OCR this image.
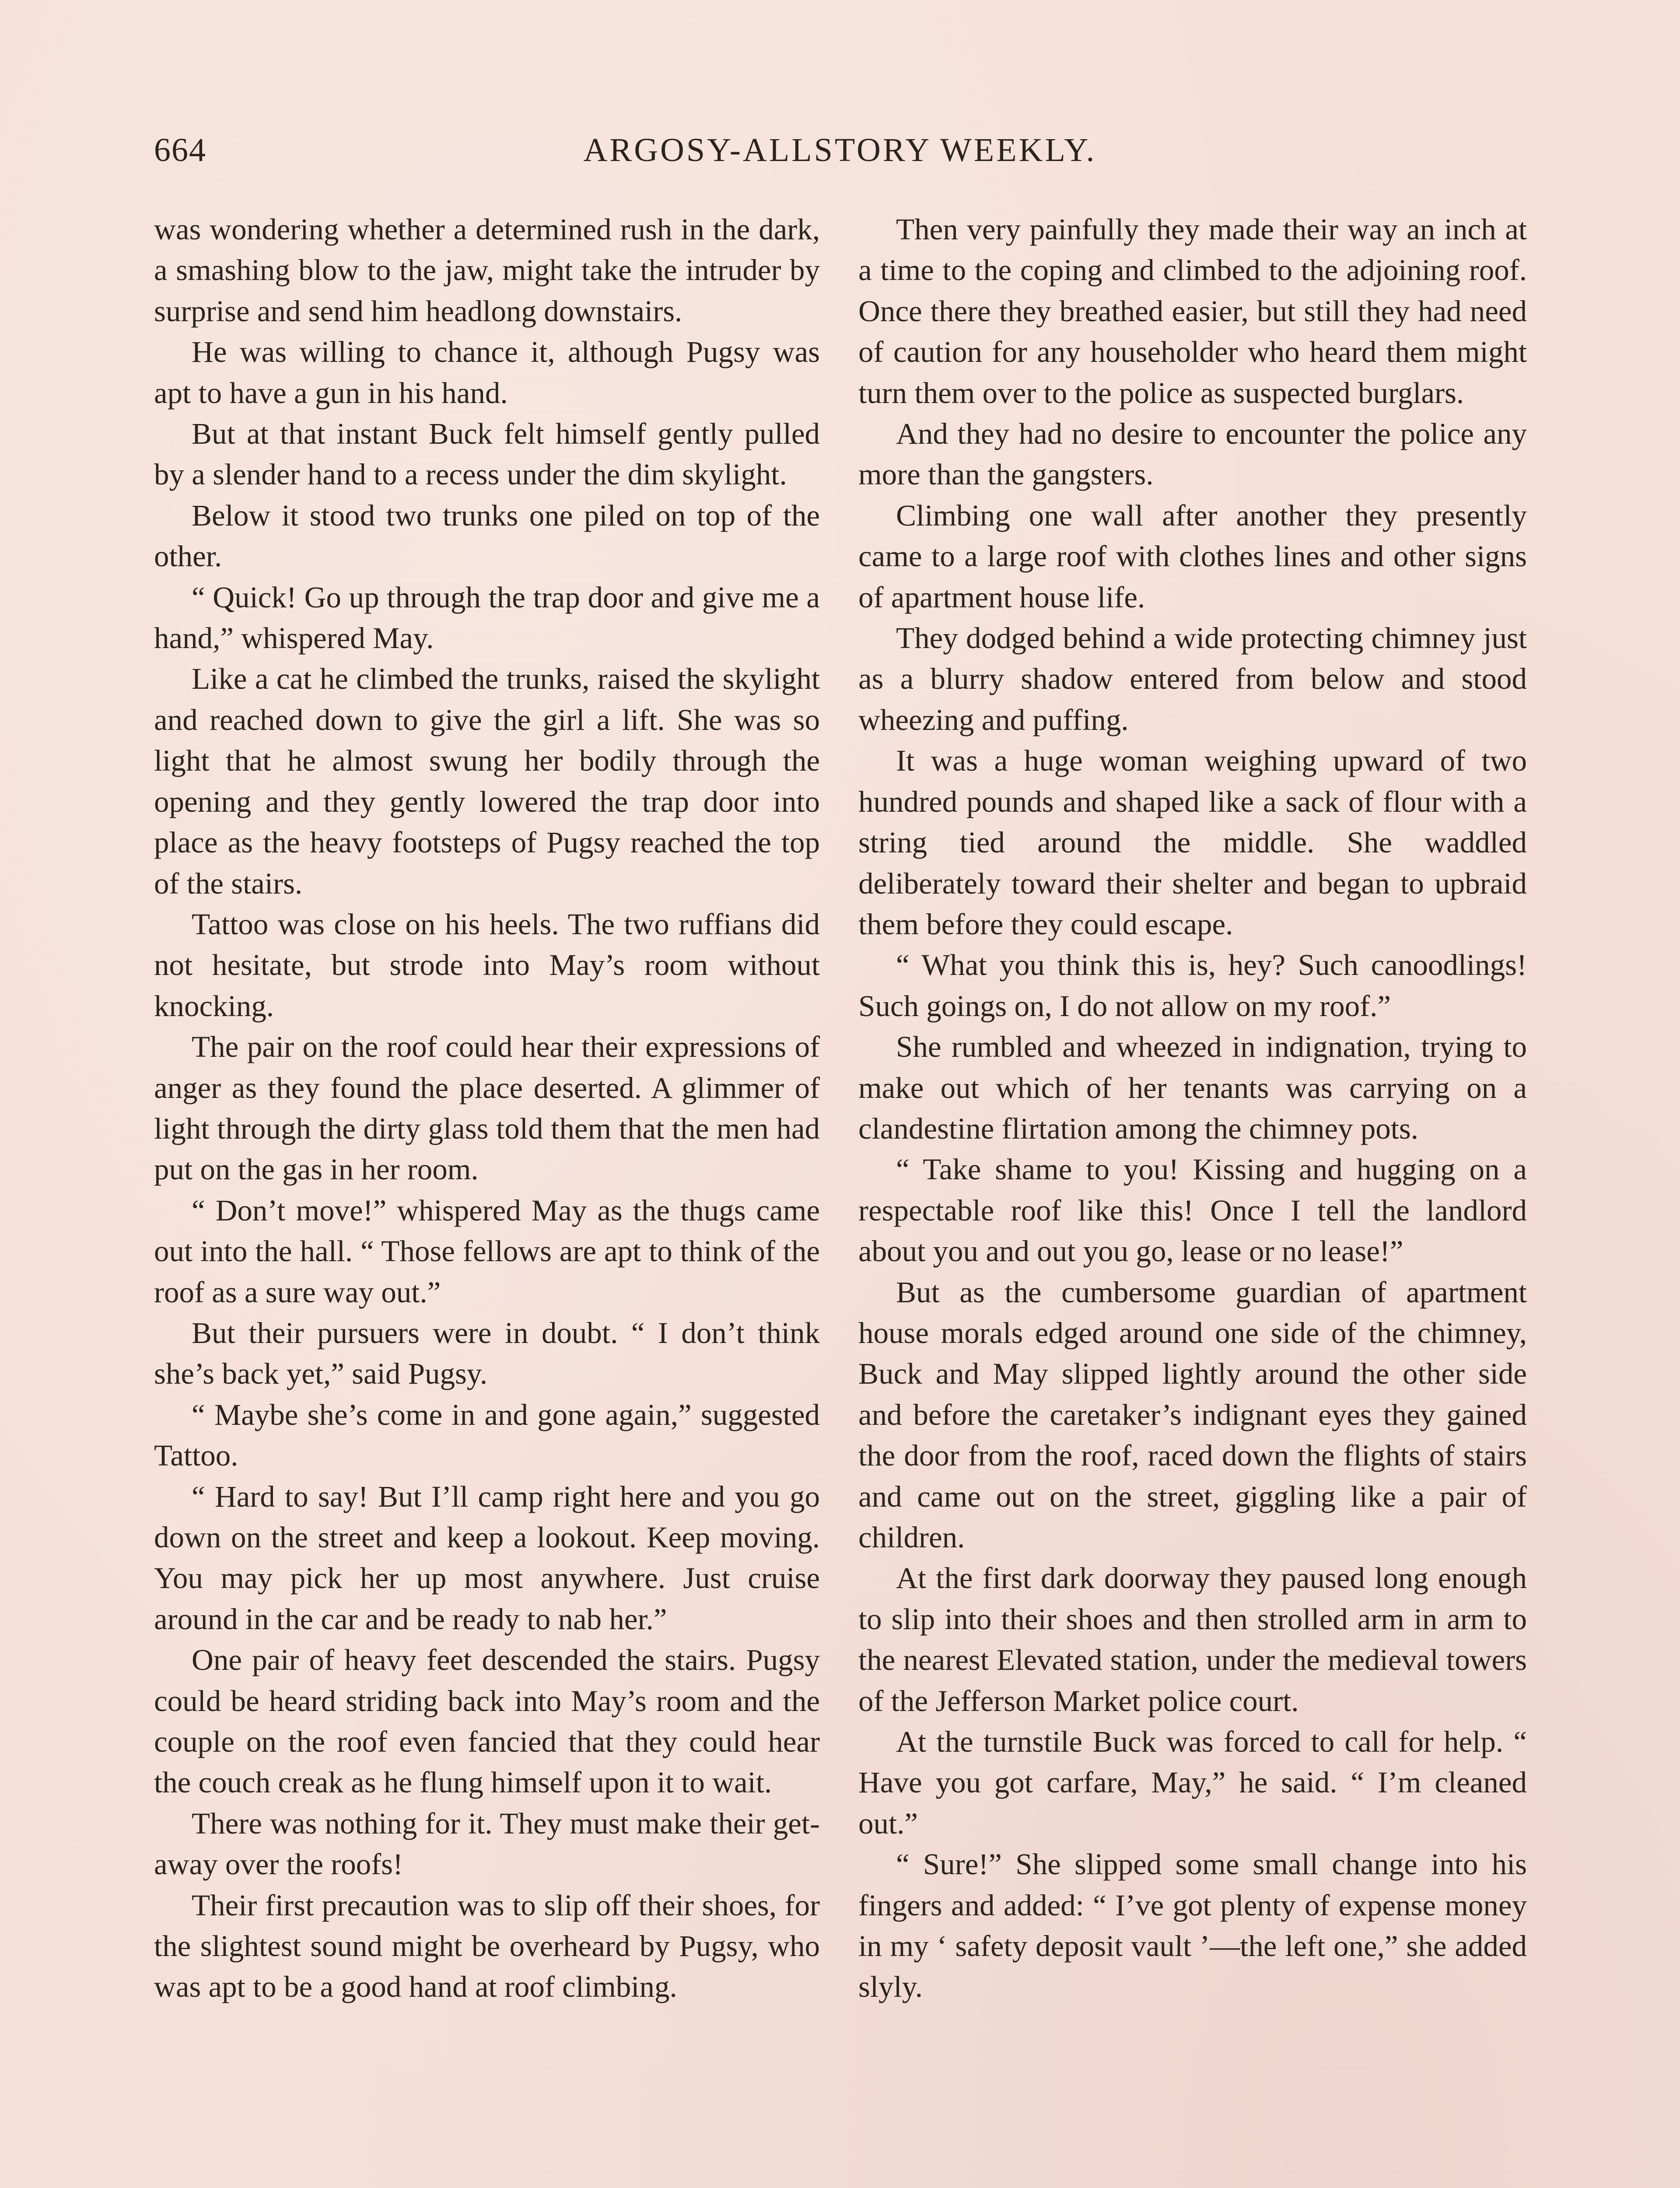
664	ARGOSY-ALLSTORY WEEKLY.

was wondering whether a determined rush in the dark, a smashing blow to the jaw, might take the intruder by surprise and send him headlong downstairs.

He was willing to chance it, although Pugsy was apt to have a gun in his hand.

But at that instant Buck felt himself gently pulled by a slender hand to a recess under the dim skylight.

Below it stood two trunks one piled on top of the other.

“ Quick! Go up through the trap door and give me a hand,” whispered May.

Like a cat he climbed the trunks, raised the skylight and reached down to give the girl a lift. She was so light that he almost swung her bodily through the opening and they gently lowered the trap door into place as the heavy footsteps of Pugsy reached the top of the stairs.

Tattoo was close on his heels. The two ruffians did not hesitate, but strode into May’s room without knocking.

The pair on the roof could hear their expressions of anger as they found the place deserted. A glimmer of light through the dirty glass told them that the men had put on the gas in her room.

“ Don’t move!” whispered May as the thugs came out into the hall. “ Those fellows are apt to think of the roof as a sure way out.”

But their pursuers were in doubt. “ I don’t think she’s back yet,” said Pugsy.

“ Maybe she’s come in and gone again,” suggested Tattoo.

“ Hard to say! But I’ll camp right here and you go down on the street and keep a lookout. Keep moving. You may pick her up most anywhere. Just cruise around in the car and be ready to nab her.”

One pair of heavy feet descended the stairs. Pugsy could be heard striding back into May’s room and the couple on the roof even fancied that they could hear the couch creak as he flung himself upon it to wait.

There was nothing for it. They must make their get-away over the roofs!

Their first precaution was to slip off their shoes, for the slightest sound might be overheard by Pugsy, who was apt to be a good hand at roof climbing.

Then very painfully they made their way an inch at a time to the coping and climbed to the adjoining roof. Once there they breathed easier, but still they had need of caution for any householder who heard them might turn them over to the police as suspected burglars.

And they had no desire to encounter the police any more than the gangsters.

Climbing one wall after another they presently came to a large roof with clothes lines and other signs of apartment house life.

They dodged behind a wide protecting chimney just as a blurry shadow entered from below and stood wheezing and puffing.

It was a huge woman weighing upward of two hundred pounds and shaped like a sack of flour with a string tied around the middle. She waddled deliberately toward their shelter and began to upbraid them before they could escape.

“ What you think this is, hey? Such canoodlings! Such goings on, I do not allow on my roof.”

She rumbled and wheezed in indignation, trying to make out which of her tenants was carrying on a clandestine flirtation among the chimney pots.

“ Take shame to you! Kissing and hugging on a respectable roof like this! Once I tell the landlord about you and out you go, lease or no lease!”

But as the cumbersome guardian of apartment house morals edged around one side of the chimney, Buck and May slipped lightly around the other side and before the caretaker’s indignant eyes they gained the door from the roof, raced down the flights of stairs and came out on the street, giggling like a pair of children.

At the first dark doorway they paused long enough to slip into their shoes and then strolled arm in arm to the nearest Elevated station, under the medieval towers of the Jefferson Market police court.

At the turnstile Buck was forced to call for help. “ Have you got carfare, May,” he said. “ I’m cleaned out.”

“ Sure!” She slipped some small change into his fingers and added: “ I’ve got plenty of expense money in my ‘ safety deposit vault ’—the left one,” she added slyly.
